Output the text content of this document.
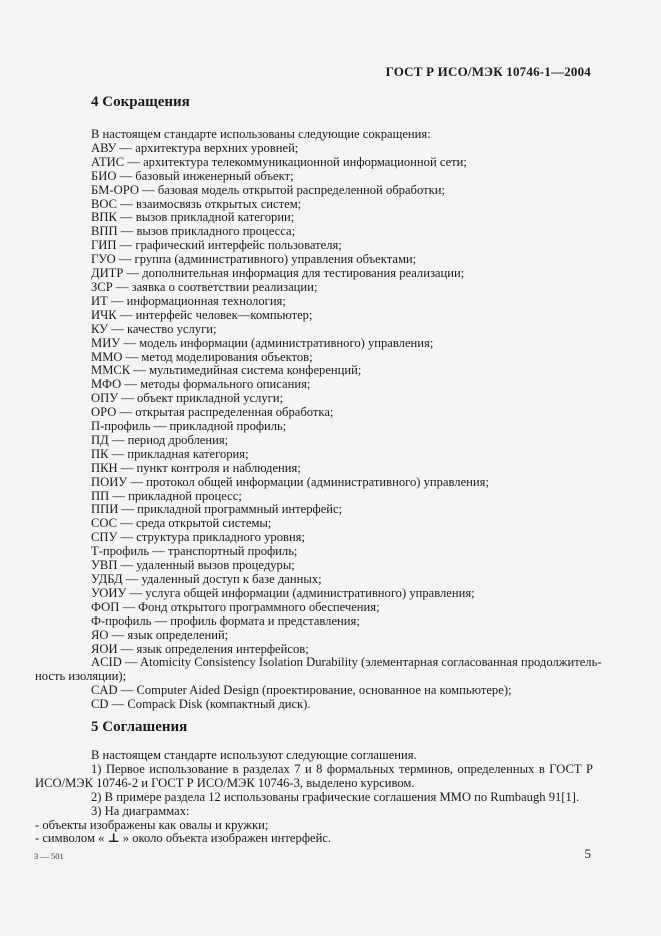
ГОСТ Р ИСО/МЭК 10746-1—2004
4 Сокращения
В настоящем стандарте использованы следующие сокращения:
АВУ — архитектура верхних уровней;
АТИС — архитектура телекоммуникационной информационной сети;
БИО — базовый инженерный объект;
БМ-ОРО — базовая модель открытой распределенной обработки;
ВОС — взаимосвязь открытых систем;
ВПК — вызов прикладной категории;
ВПП — вызов прикладного процесса;
ГИП — графический интерфейс пользователя;
ГУО — группа (административного) управления объектами;
ДИТР — дополнительная информация для тестирования реализации;
ЗСР — заявка о соответствии реализации;
ИТ — информационная технология;
ИЧК — интерфейс человек—компьютер;
КУ — качество услуги;
МИУ — модель информации (административного) управления;
ММО — метод моделирования объектов;
ММСК — мультимедийная система конференций;
МФО — методы формального описания;
ОПУ — объект прикладной услуги;
ОРО — открытая распределенная обработка;
П-профиль — прикладной профиль;
ПД — период дробления;
ПК — прикладная категория;
ПКН — пункт контроля и наблюдения;
ПОИУ — протокол общей информации (административного) управления;
ПП — прикладной процесс;
ППИ — прикладной программный интерфейс;
СОС — среда открытой системы;
СПУ — структура прикладного уровня;
Т-профиль — транспортный профиль;
УВП — удаленный вызов процедуры;
УДБД — удаленный доступ к базе данных;
УОИУ — услуга общей информации (административного) управления;
ФОП — Фонд открытого программного обеспечения;
Ф-профиль — профиль формата и представления;
ЯО — язык определений;
ЯОИ — язык определения интерфейсов;
ACID — Atomicity Consistency Isolation Durability (элементарная согласованная продолжитель-
ность изоляции);
CAD — Computer Aided Design (проектирование, основанное на компьютере);
CD — Compack Disk (компактный диск).
5 Соглашения
В настоящем стандарте используют следующие соглашения.
1) Первое использование в разделах 7 и 8 формальных терминов, определенных в ГОСТ Р
ИСО/МЭК 10746-2 и ГОСТ Р ИСО/МЭК 10746-3, выделено курсивом.
2) В примере раздела 12 использованы графические соглашения ММО по Rumbaugh 91[1].
3) На диаграммах:
- объекты изображены как овалы и кружки;
- символом « ⊥ » около объекта изображен интерфейс.
3 — 501	5
